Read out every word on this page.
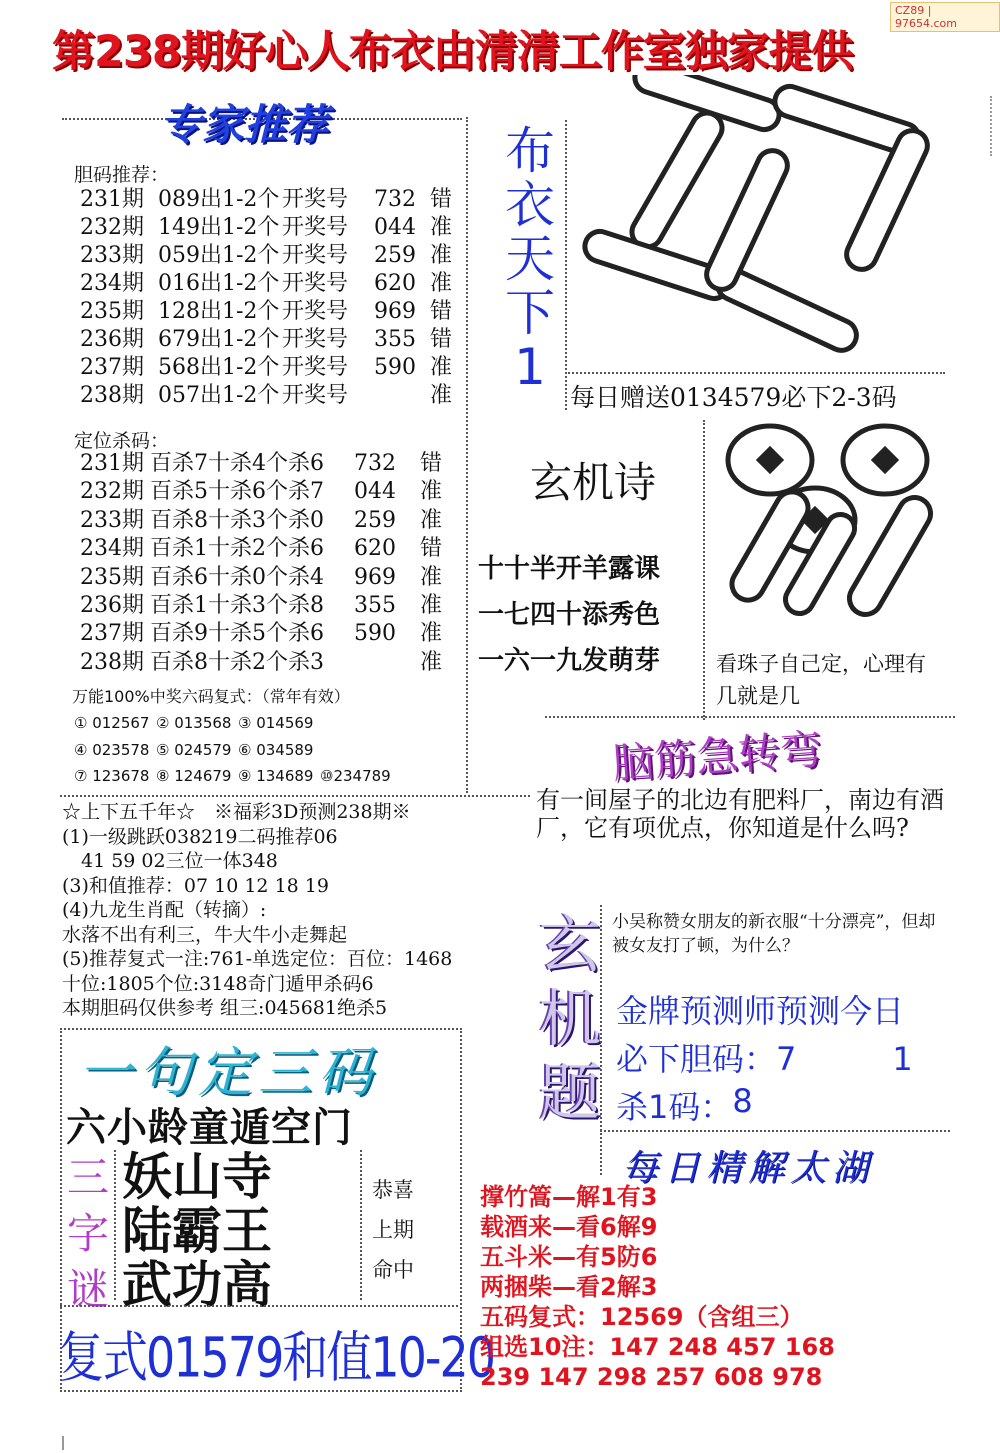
CZ89 | 97654.com
第238期好心人布衣由清清工作室独家提供
专家推荐
胆码推荐：
231期 089出1-2个 开奖号	732 错
232期 149出1-2个 开奖号	044 准
233期 059出1-2个 开奖号	259 准
234期 016出1-2个 开奖号	620 准
235期 128出1-2个 开奖号	969 错
236期 679出1-2个 开奖号	355 错
237期 568出1-2个 开奖号	590 准
238期 057出1-2个 开奖号	准
定位杀码：
231期 百杀7十杀4个杀6	732	错
232期 百杀5十杀6个杀7	044	准
233期 百杀8十杀3个杀0	259	准
234期 百杀1十杀2个杀6	620	错
235期 百杀6十杀0个杀4	969	准
236期 百杀1十杀3个杀8	355	准
237期 百杀9十杀5个杀6	590	准
238期 百杀8十杀2个杀3	准
万能100%中奖六码复式：（常年有效）
① 012567 ② 013568 ③ 014569
④ 023578 ⑤ 024579 ⑥ 034589
⑦ 123678 ⑧ 124679 ⑨ 134689 ⑩234789
布
衣
天
下
1
每日赠送0134579必下2-3码
玄机诗
十十半开羊露课
一七四十添秀色
一六一九发萌芽	看珠子自己定，心理有几就是几
脑筋急转弯
有一间屋子的北边有肥料厂，南边有酒厂，它有项优点，你知道是什么吗?
☆上下五千年☆　※福彩3D预测238期※
(1)一级跳跃038219二码推荐06
　41 59 02三位一体348
(3)和值推荐：07 10 12 18 19
(4)九龙生肖配（转摘）:
水落不出有利三，牛大牛小走舞起
(5)推荐复式一注:761-单选定位：百位：1468
十位:1805个位:3148奇门遁甲杀码6
本期胆码仅供参考 组三:045681绝杀5
玄
机
题
小吴称赞女朋友的新衣服“十分漂亮”，但却被女友打了顿，为什么？
金牌预测师预测今日
必下胆码： 7　　　1
杀1码： 8
一句定三码
六小龄童遁空门
三
字
谜
妖山寺
陆霸王
武功高
恭喜
上期
命中
复式01579和值10-20
每日精解太湖
撑竹篙—解1有3
载酒来—看6解9
五斗米—有5防6
两捆柴—看2解3
五码复式：12569（含组三）
组选10注：147 248 457 168
239 147 298 257 608 978
